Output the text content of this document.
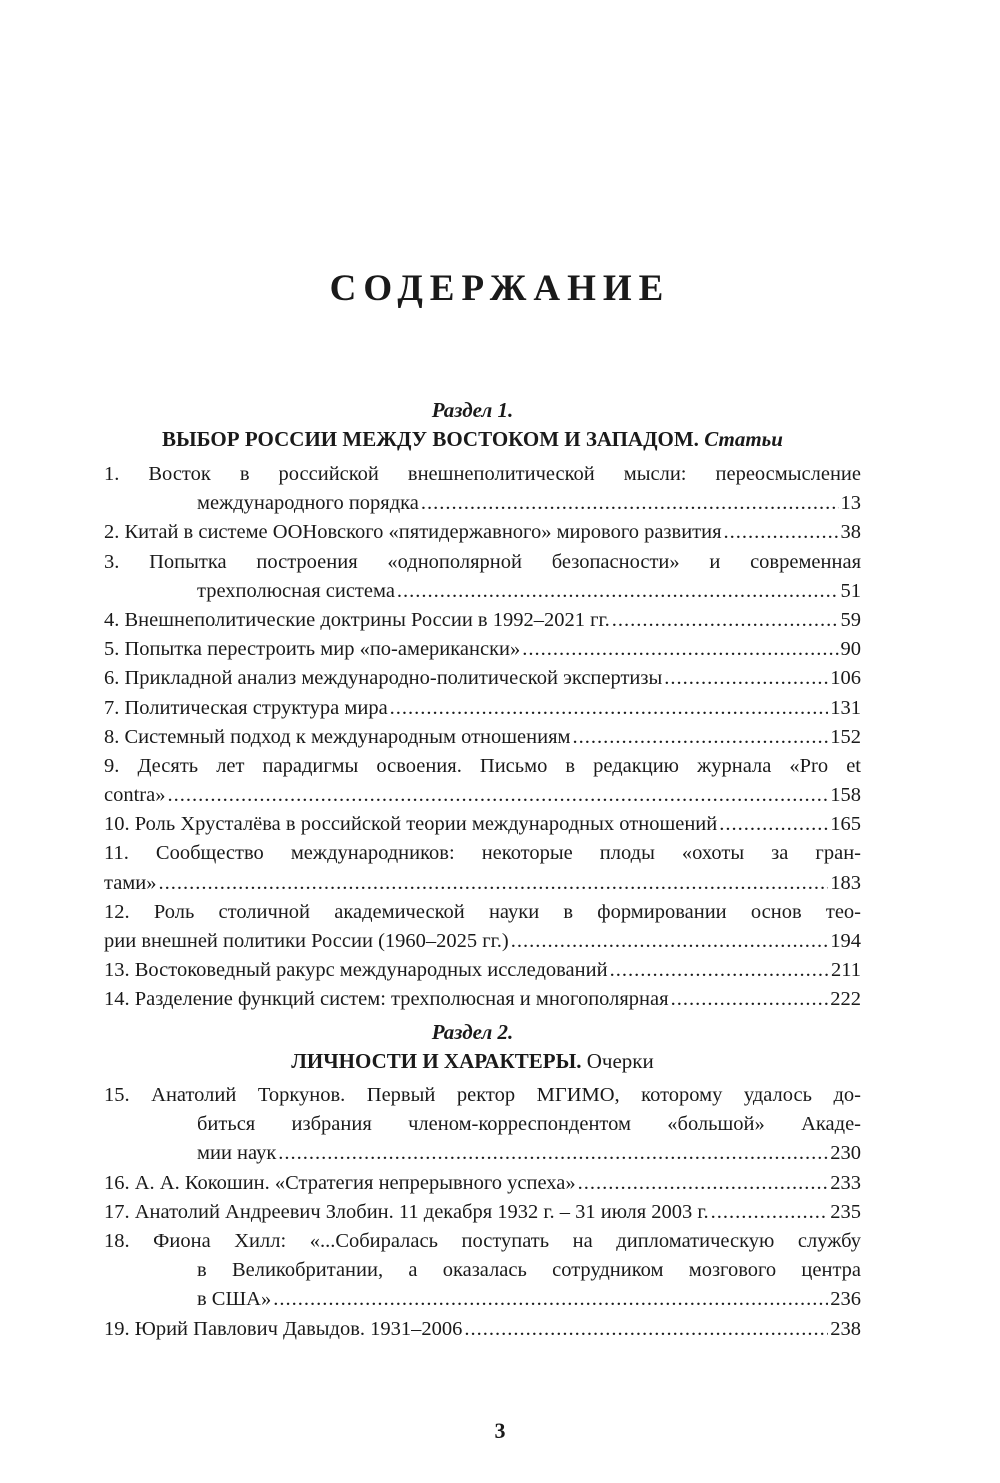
СОДЕРЖАНИЕ
Раздел 1.
ВЫБОР РОССИИ МЕЖДУ ВОСТОКОМ И ЗАПАДОМ. Статьи
1. Восток в российской внешнеполитической мысли: переосмысление
международного порядка .....	13
2. Китай в системе ООНовского «пятидержавного» мирового развития .....	38
3. Попытка построения «однополярной безопасности» и современная
трехполюсная система .....	51
4. Внешнеполитические доктрины России в 1992–2021 гг. .....	59
5. Попытка перестроить мир «по-американски» .....	90
6. Прикладной анализ международно-политической экспертизы .....	106
7. Политическая структура мира .....	131
8. Системный подход к международным отношениям .....	152
9. Десять лет парадигмы освоения. Письмо в редакцию журнала «Pro et
contra» .....	158
10. Роль Хрусталёва в российской теории международных отношений .....	165
11. Сообщество международников: некоторые плоды «охоты за гран-
тами» .....	183
12. Роль столичной академической науки в формировании основ тео-
рии внешней политики России (1960–2025 гг.) .....	194
13. Востоковедный ракурс международных исследований .....	211
14. Разделение функций систем: трехполюсная и многополярная .....	222
Раздел 2.
ЛИЧНОСТИ И ХАРАКТЕРЫ. Очерки
15. Анатолий Торкунов. Первый ректор МГИМО, которому удалось до-
биться избрания членом-корреспондентом «большой» Акаде-
мии наук .....	230
16. А. А. Кокошин. «Стратегия непрерывного успеха» .....	233
17. Анатолий Андреевич Злобин. 11 декабря 1932 г. – 31 июля 2003 г. .....	235
18. Фиона Хилл: «...Собиралась поступать на дипломатическую службу
в Великобритании, а оказалась сотрудником мозгового центра
в США» .....	236
19. Юрий Павлович Давыдов. 1931–2006 .....	238
3
